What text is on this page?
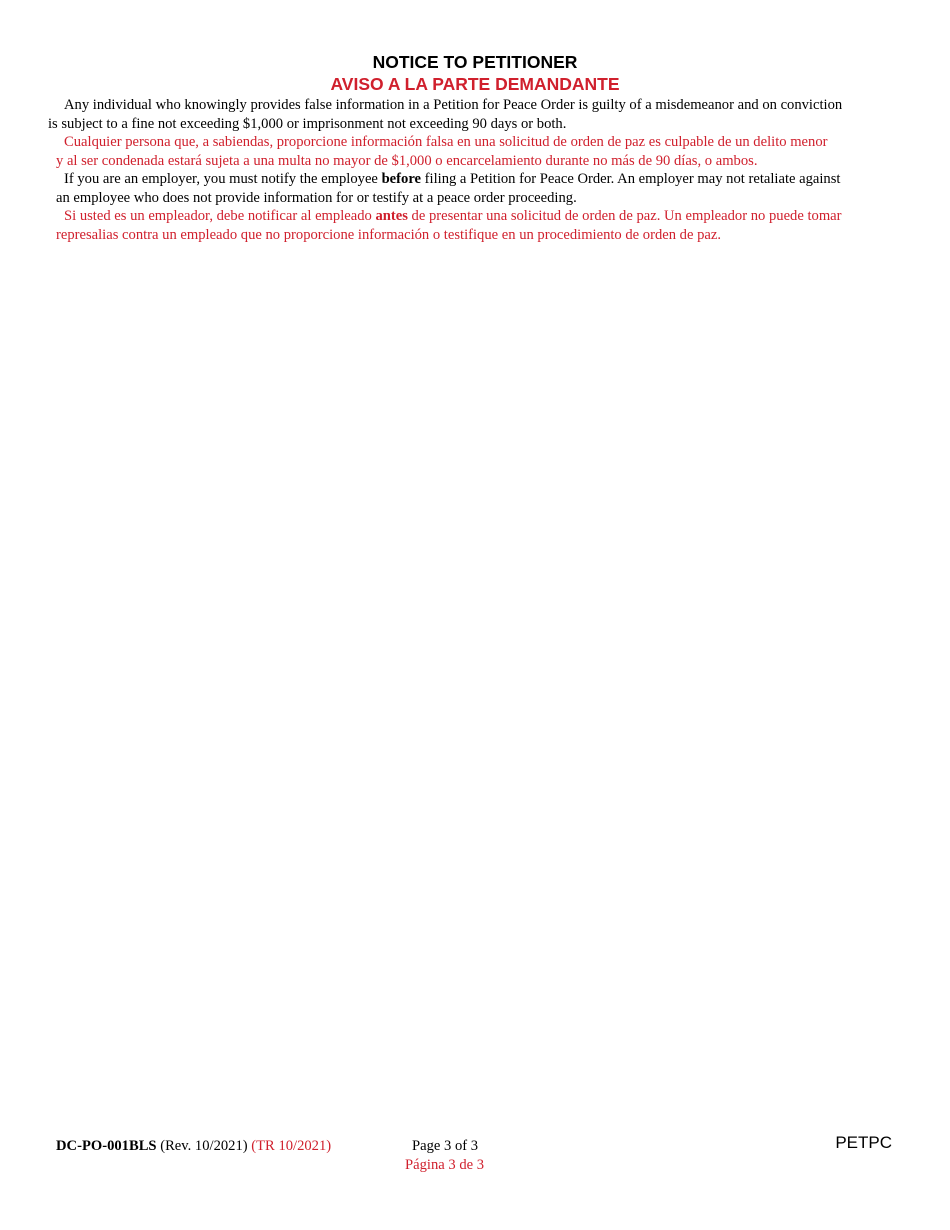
NOTICE TO PETITIONER
AVISO A LA PARTE DEMANDANTE

Any individual who knowingly provides false information in a Petition for Peace Order is guilty of a misdemeanor and on conviction
is subject to a fine not exceeding $1,000 or imprisonment not exceeding 90 days or both.

Cualquier persona que, a sabiendas, proporcione información falsa en una solicitud de orden de paz es culpable de un delito menor
y al ser condenada estará sujeta a una multa no mayor de $1,000 o encarcelamiento durante no más de 90 días, o ambos.

If you are an employer, you must notify the employee before filing a Petition for Peace Order. An employer may not retaliate against
an employee who does not provide information for or testify at a peace order proceeding.

Si usted es un empleador, debe notificar al empleado antes de presentar una solicitud de orden de paz. Un empleador no puede tomar
represalias contra un empleado que no proporcione información o testifique en un procedimiento de orden de paz.

DC-PO-001BLS (Rev. 10/2021) (TR 10/2021)	Page 3 of 3
Página 3 de 3
PETPC
